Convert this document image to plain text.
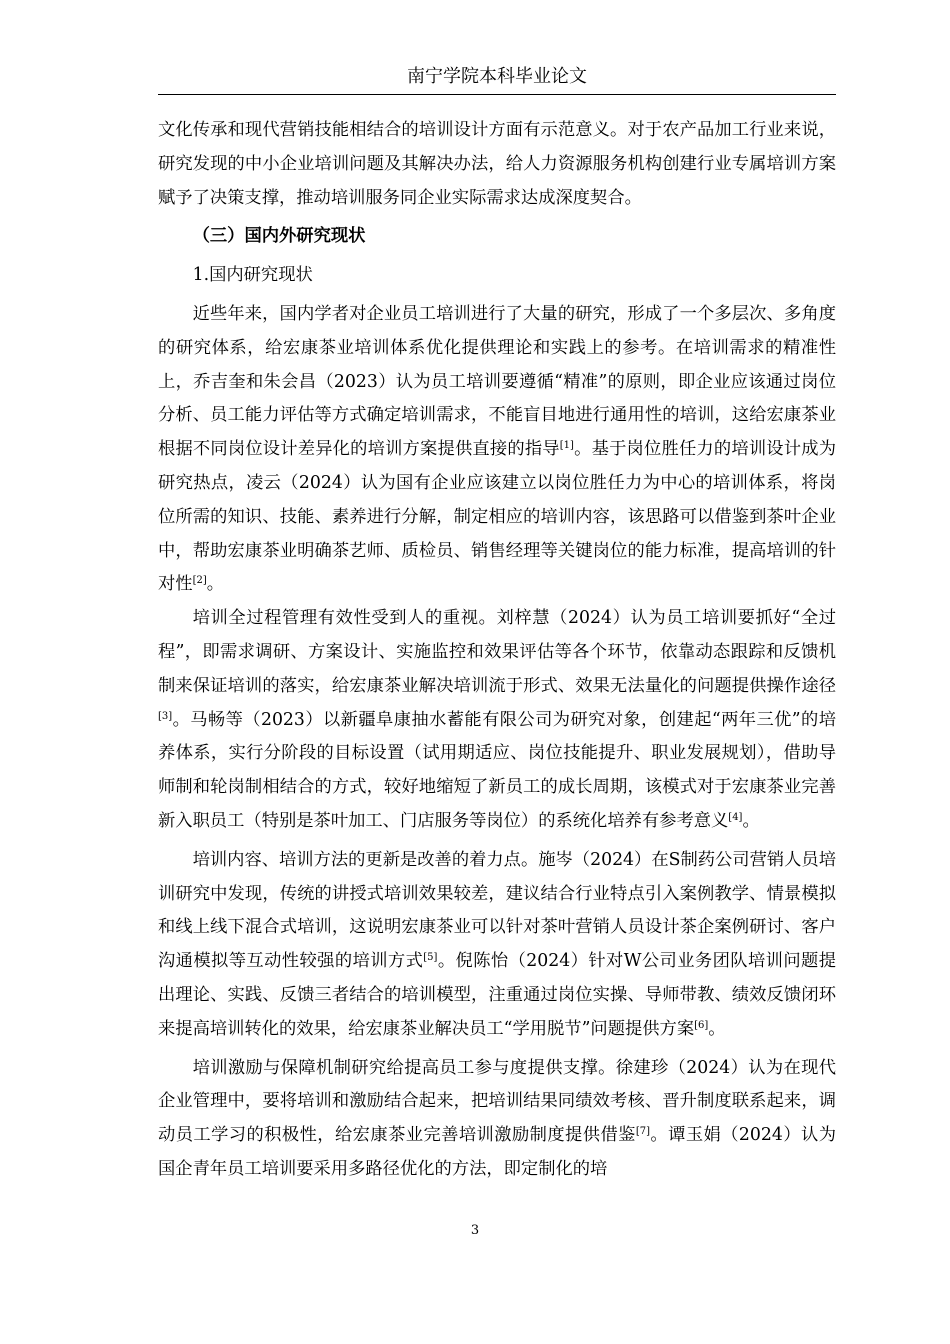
南宁学院本科毕业论文

文化传承和现代营销技能相结合的培训设计方面有示范意义。对于农产品加工行业来说，研究发现的中小企业培训问题及其解决办法，给人力资源服务机构创建行业专属培训方案赋予了决策支撑，推动培训服务同企业实际需求达成深度契合。

（三）国内外研究现状

1.国内研究现状

近些年来，国内学者对企业员工培训进行了大量的研究，形成了一个多层次、多角度的研究体系，给宏康茶业培训体系优化提供理论和实践上的参考。在培训需求的精准性上，乔吉奎和朱会昌（2023）认为员工培训要遵循“精准”的原则，即企业应该通过岗位分析、员工能力评估等方式确定培训需求，不能盲目地进行通用性的培训，这给宏康茶业根据不同岗位设计差异化的培训方案提供直接的指导[1]。基于岗位胜任力的培训设计成为研究热点，凌云（2024）认为国有企业应该建立以岗位胜任力为中心的培训体系，将岗位所需的知识、技能、素养进行分解，制定相应的培训内容，该思路可以借鉴到茶叶企业中，帮助宏康茶业明确茶艺师、质检员、销售经理等关键岗位的能力标准，提高培训的针对性[2]。

培训全过程管理有效性受到人的重视。刘梓慧（2024）认为员工培训要抓好“全过程”，即需求调研、方案设计、实施监控和效果评估等各个环节，依靠动态跟踪和反馈机制来保证培训的落实，给宏康茶业解决培训流于形式、效果无法量化的问题提供操作途径[3]。马畅等（2023）以新疆阜康抽水蓄能有限公司为研究对象，创建起“两年三优”的培养体系，实行分阶段的目标设置（试用期适应、岗位技能提升、职业发展规划），借助导师制和轮岗制相结合的方式，较好地缩短了新员工的成长周期，该模式对于宏康茶业完善新入职员工（特别是茶叶加工、门店服务等岗位）的系统化培养有参考意义[4]。

培训内容、培训方法的更新是改善的着力点。施岑（2024）在S制药公司营销人员培训研究中发现，传统的讲授式培训效果较差，建议结合行业特点引入案例教学、情景模拟和线上线下混合式培训，这说明宏康茶业可以针对茶叶营销人员设计茶企案例研讨、客户沟通模拟等互动性较强的培训方式[5]。倪陈怡（2024）针对W公司业务团队培训问题提出理论、实践、反馈三者结合的培训模型，注重通过岗位实操、导师带教、绩效反馈闭环来提高培训转化的效果，给宏康茶业解决员工“学用脱节”问题提供方案[6]。

培训激励与保障机制研究给提高员工参与度提供支撑。徐建珍（2024）认为在现代企业管理中，要将培训和激励结合起来，把培训结果同绩效考核、晋升制度联系起来，调动员工学习的积极性，给宏康茶业完善培训激励制度提供借鉴[7]。谭玉娟（2024）认为国企青年员工培训要采用多路径优化的方法，即定制化的培

3
